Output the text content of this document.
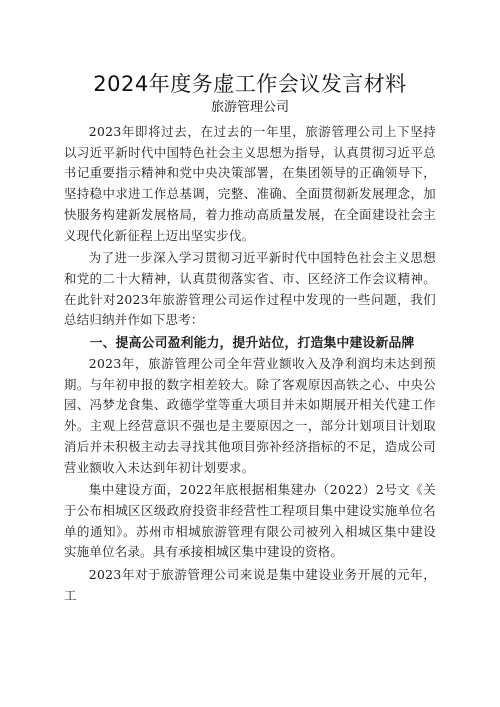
2024年度务虚工作会议发言材料
旅游管理公司

2023年即将过去，在过去的一年里，旅游管理公司上下坚持以习近平新时代中国特色社会主义思想为指导，认真贯彻习近平总书记重要指示精神和党中央决策部署，在集团领导的正确领导下，坚持稳中求进工作总基调，完整、准确、全面贯彻新发展理念，加快服务构建新发展格局，着力推动高质量发展，在全面建设社会主义现代化新征程上迈出坚实步伐。

为了进一步深入学习贯彻习近平新时代中国特色社会主义思想和党的二十大精神，认真贯彻落实省、市、区经济工作会议精神。在此针对2023年旅游管理公司运作过程中发现的一些问题，我们总结归纳并作如下思考：

一、提高公司盈利能力，提升站位，打造集中建设新品牌

2023年，旅游管理公司全年营业额收入及净利润均未达到预期。与年初申报的数字相差较大。除了客观原因高铁之心、中央公园、冯梦龙食集、政德学堂等重大项目并未如期展开相关代建工作外。主观上经营意识不强也是主要原因之一，部分计划项目计划取消后并未积极主动去寻找其他项目弥补经济指标的不足，造成公司营业额收入未达到年初计划要求。

集中建设方面，2022年底根据相集建办（2022）2号文《关于公布相城区区级政府投资非经营性工程项目集中建设实施单位名单的通知》。苏州市相城旅游管理有限公司被列入相城区集中建设实施单位名录。具有承接相城区集中建设的资格。

2023年对于旅游管理公司来说是集中建设业务开展的元年，工
